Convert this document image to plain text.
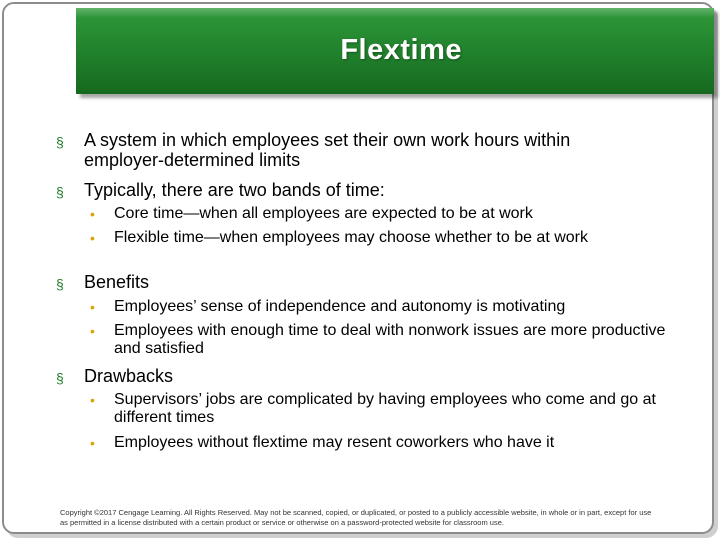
Flextime
§ A system in which employees set their own work hours within employer-determined limits
§ Typically, there are two bands of time:
• Core time—when all employees are expected to be at work
• Flexible time—when employees may choose whether to be at work
§ Benefits
• Employees’ sense of independence and autonomy is motivating
• Employees with enough time to deal with nonwork issues are more productive and satisfied
§ Drawbacks
• Supervisors’ jobs are complicated by having employees who come and go at different times
• Employees without flextime may resent coworkers who have it
Copyright ©2017 Cengage Learning. All Rights Reserved. May not be scanned, copied, or duplicated, or posted to a publicly accessible website, in whole or in part, except for use as permitted in a license distributed with a certain product or service or otherwise on a password-protected website for classroom use.
